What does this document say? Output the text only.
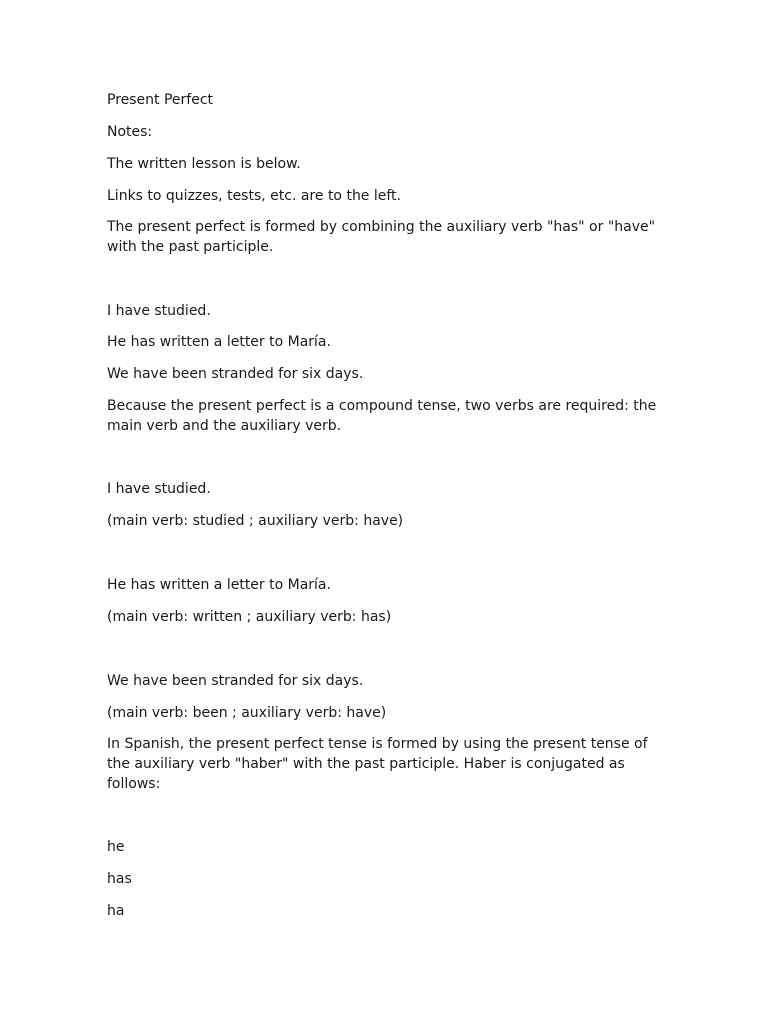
Present Perfect

Notes:

The written lesson is below.

Links to quizzes, tests, etc. are to the left.

The present perfect is formed by combining the auxiliary verb "has" or "have" with the past participle.

I have studied.

He has written a letter to María.

We have been stranded for six days.

Because the present perfect is a compound tense, two verbs are required: the main verb and the auxiliary verb.

I have studied.

(main verb: studied ; auxiliary verb: have)

He has written a letter to María.

(main verb: written ; auxiliary verb: has)

We have been stranded for six days.

(main verb: been ; auxiliary verb: have)

In Spanish, the present perfect tense is formed by using the present tense of the auxiliary verb "haber" with the past participle. Haber is conjugated as follows:

he

has

ha
